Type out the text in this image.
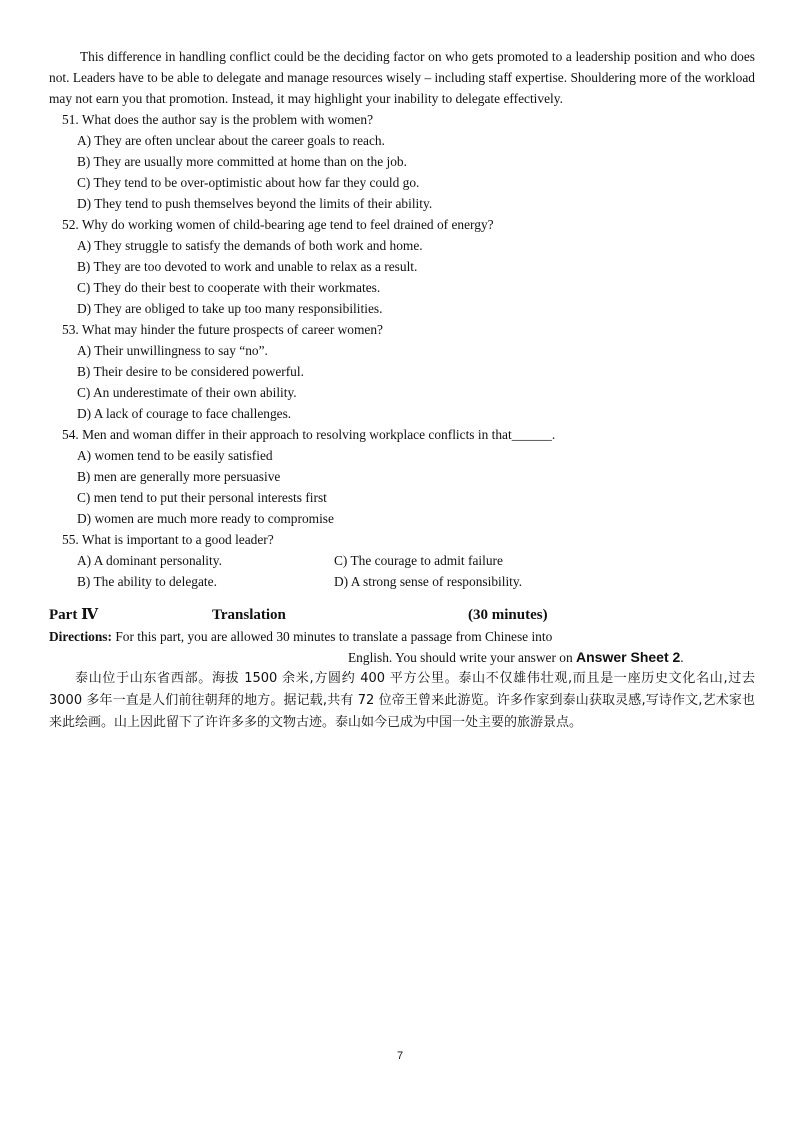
This difference in handling conflict could be the deciding factor on who gets promoted to a leadership position and who does not. Leaders have to be able to delegate and manage resources wisely – including staff expertise. Shouldering more of the workload may not earn you that promotion. Instead, it may highlight your inability to delegate effectively.

51. What does the author say is the problem with women?

A) They are often unclear about the career goals to reach.

B) They are usually more committed at home than on the job.

C) They tend to be over-optimistic about how far they could go.

D) They tend to push themselves beyond the limits of their ability.

52. Why do working women of child-bearing age tend to feel drained of energy?

A) They struggle to satisfy the demands of both work and home.

B) They are too devoted to work and unable to relax as a result.

C) They do their best to cooperate with their workmates.

D) They are obliged to take up too many responsibilities.

53. What may hinder the future prospects of career women?

A) Their unwillingness to say “no”.

B) Their desire to be considered powerful.

C) An underestimate of their own ability.

D) A lack of courage to face challenges.

54. Men and woman differ in their approach to resolving workplace conflicts in that______.

A) women tend to be easily satisfied

B) men are generally more persuasive

C) men tend to put their personal interests first

D) women are much more ready to compromise

55. What is important to a good leader?

A) A dominant personality.	C) The courage to admit failure
B) The ability to delegate.	D) A strong sense of responsibility.
Part Ⅳ	Translation	(30 minutes)

Directions: For this part, you are allowed 30 minutes to translate a passage from Chinese into

English. You should write your answer on Answer Sheet 2.

泰山位于山东省西部。海拔 1500 余米,方圆约 400 平方公里。泰山不仅雄伟壮观,而且是一座历史文化名山,过去 3000 多年一直是人们前往朝拜的地方。据记载,共有 72 位帝王曾来此游览。许多作家到泰山获取灵感,写诗作文,艺术家也来此绘画。山上因此留下了许许多多的文物古迹。泰山如今已成为中国一处主要的旅游景点。

7
